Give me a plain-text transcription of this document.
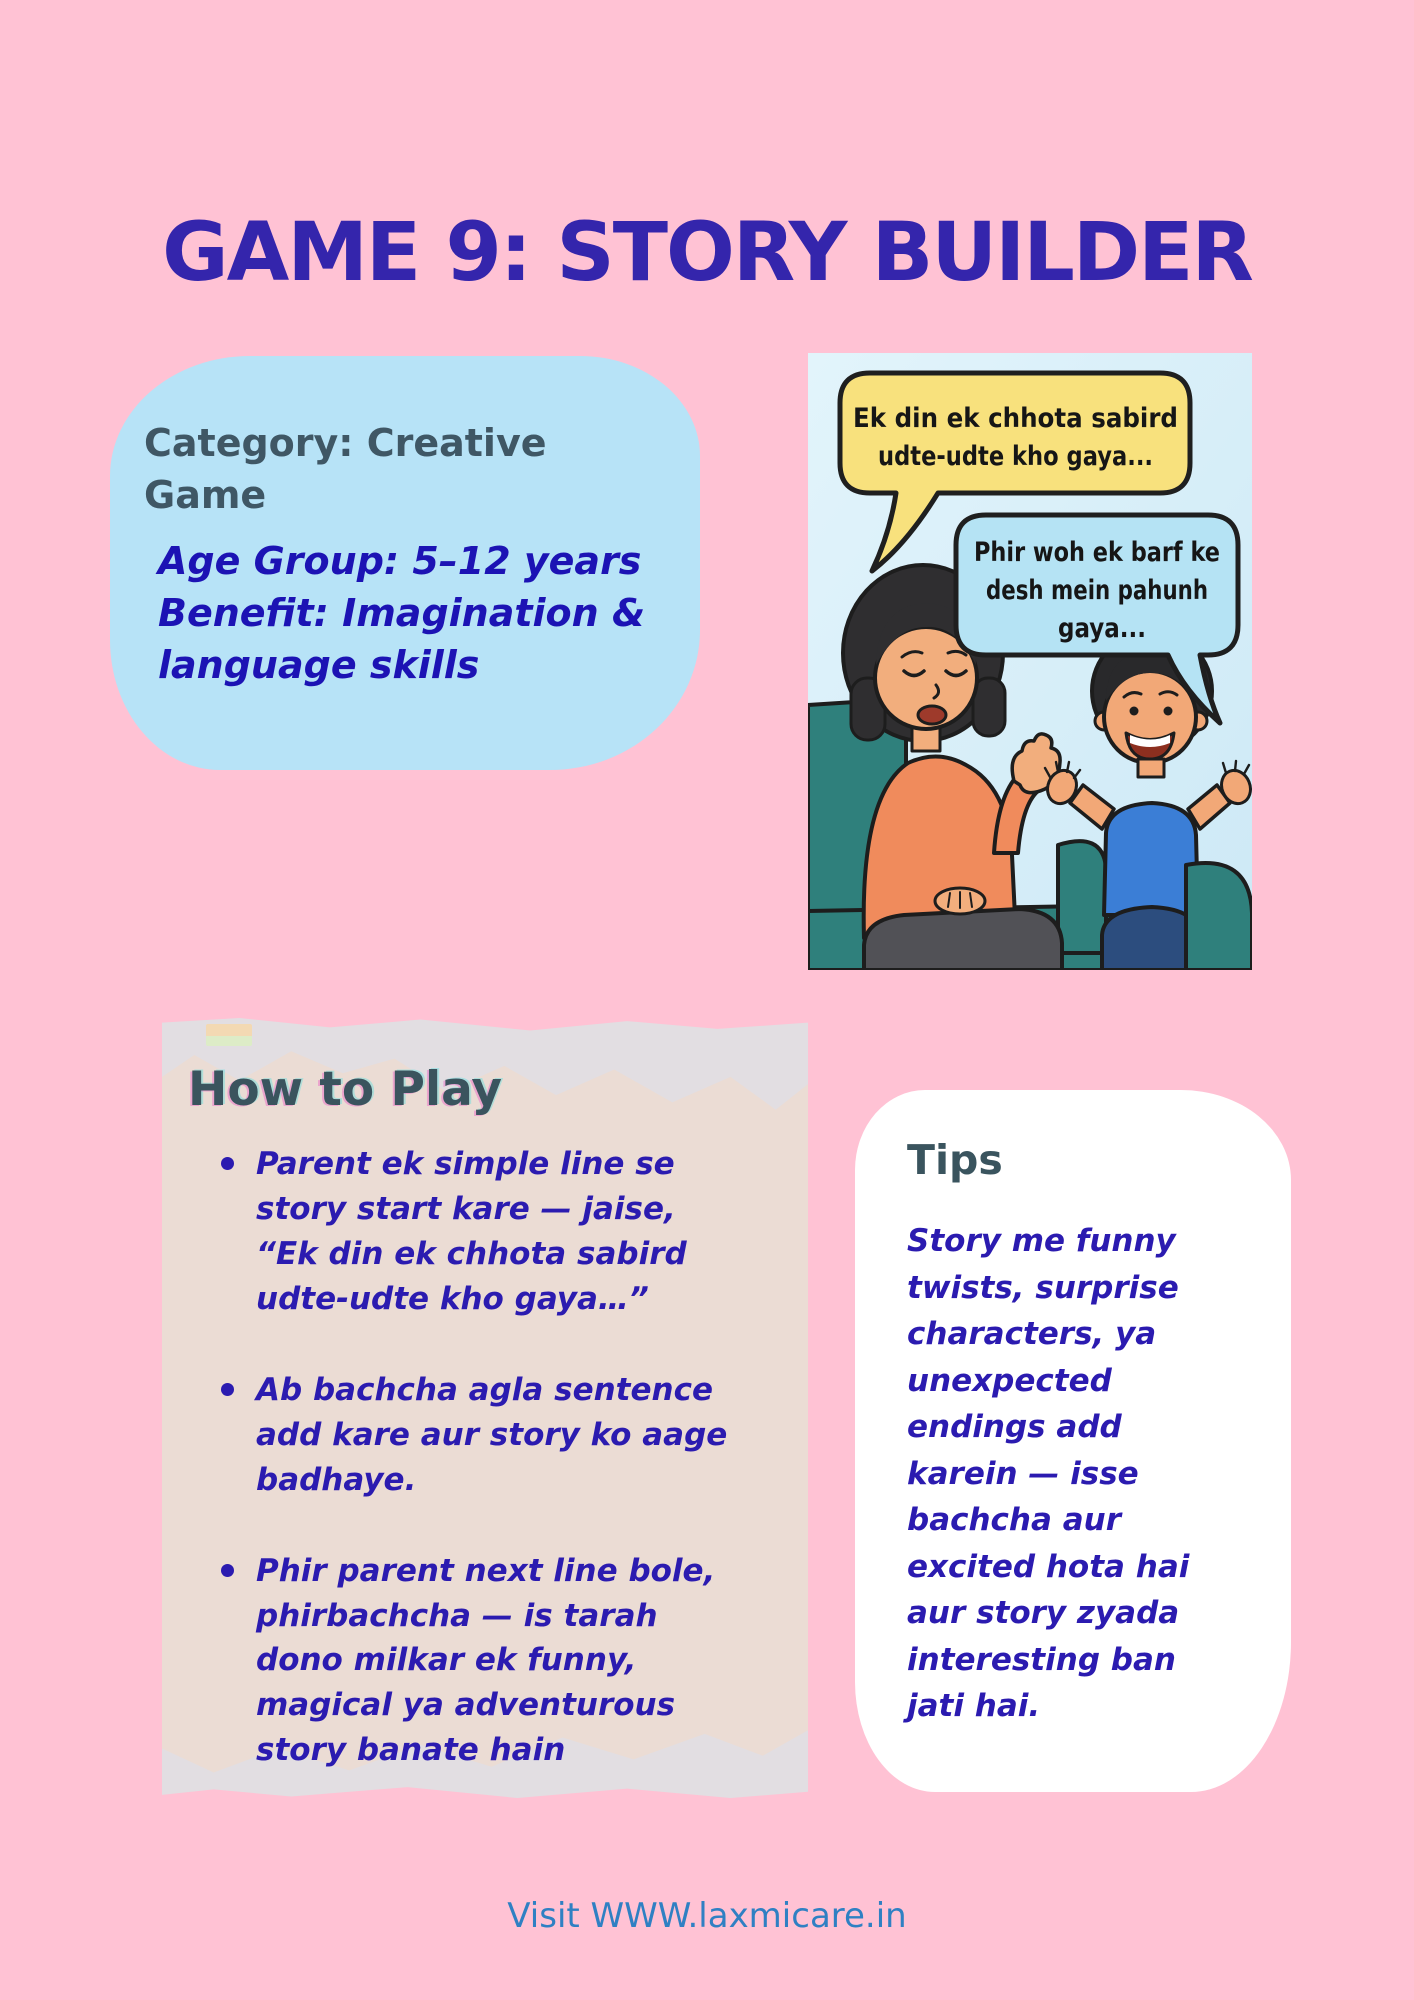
GAME 9: STORY BUILDER

Category: Creative Game

Age Group: 5–12 years
Benefit: Imagination & language skills

Ek din ek chhota sabird udte-udte kho gaya...
Phir woh ek barf ke desh mein pahunh gaya...
How to Play
Parent ek simple line se story start kare — jaise, “Ek din ek chhota sabird udte-udte kho gaya…”
Ab bachcha agla sentence add kare aur story ko aage badhaye.
Phir parent next line bole, phirbachcha — is tarah dono milkar ek funny, magical ya adventurous story banate hain
Tips

Story me funny twists, surprise characters, ya unexpected endings add karein — isse bachcha aur excited hota hai aur story zyada interesting ban jati hai.

Visit WWW.laxmicare.in
